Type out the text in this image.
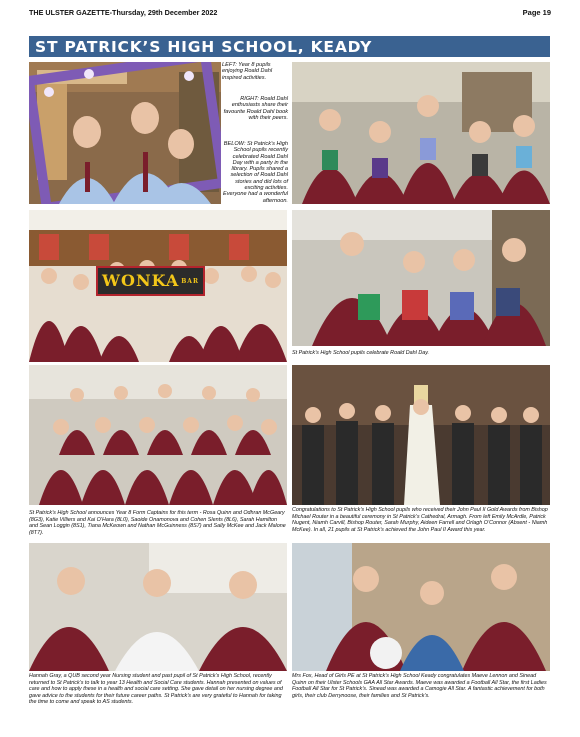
THE ULSTER GAZETTE-Thursday, 29th December 2022	Page 19
ST PATRICK’S HIGH SCHOOL, KEADY
LEFT: Year 8 pupils enjoying Roald Dahl inspired activities.
RIGHT: Roald Dahl enthusiasts share their favourite Roald Dahl book with their peers.
BELOW: St Patrick’s High School pupils recently celebrated Roald Dahl Day with a party in the library. Pupils shared a selection of Roald Dahl stories and did lots of exciting activities. Everyone had a wonderful afternoon.
WONKA BAR
St Patrick’s High School pupils celebrate Roald Dahl Day.
St Patrick’s High School announces Year 8 Form Captains for this term - Rosa Quinn and Odhran McGeary (8G3), Katie Villiers and Kai O’Hara (8L0), Saoide Onamonova and Cohen Slents (8L6), Sarah Hamilton and Sean Loggin (8S1), Tiana McKeown and Nathan McGuinness (8S7) and Sally McKee and Jack Malone (8T7).
Congratulations to St Patrick’s High School pupils who received their John Paul II Gold Awards from Bishop Michael Router in a beautiful ceremony in St Patrick’s Cathedral, Armagh. From left Emily McArdle, Patrick Nugent, Niamh Carvill, Bishop Router, Sarah Murphy, Aideen Farrell and Orlagh O’Connor (Absent - Niamh McKee). In all, 21 pupils at St Patrick’s achieved the John Paul II Award this year.
Hannah Gray, a QUB second year Nursing student and past pupil of St Patrick’s High School, recently returned to St Patrick’s to talk to year 13 Health and Social Care students. Hannah presented on values of care and how to apply these in a health and social care setting. She gave detail on her nursing degree and gave advice to the students for their future career paths. St Patrick’s are very grateful to Hannah for taking the time to come and speak to AS students.
Mrs Fox, Head of Girls PE at St Patrick’s High School Keady congratulates Maeve Lennon and Sinead Quinn on their Ulster Schools GAA All Star Awards. Maeve was awarded a Football All Star, the first Ladies Football All Star for St Patrick’s. Sinead was awarded a Camogie All Star. A fantastic achievement for both girls, their club Derrynoose, their families and St Patrick’s.
